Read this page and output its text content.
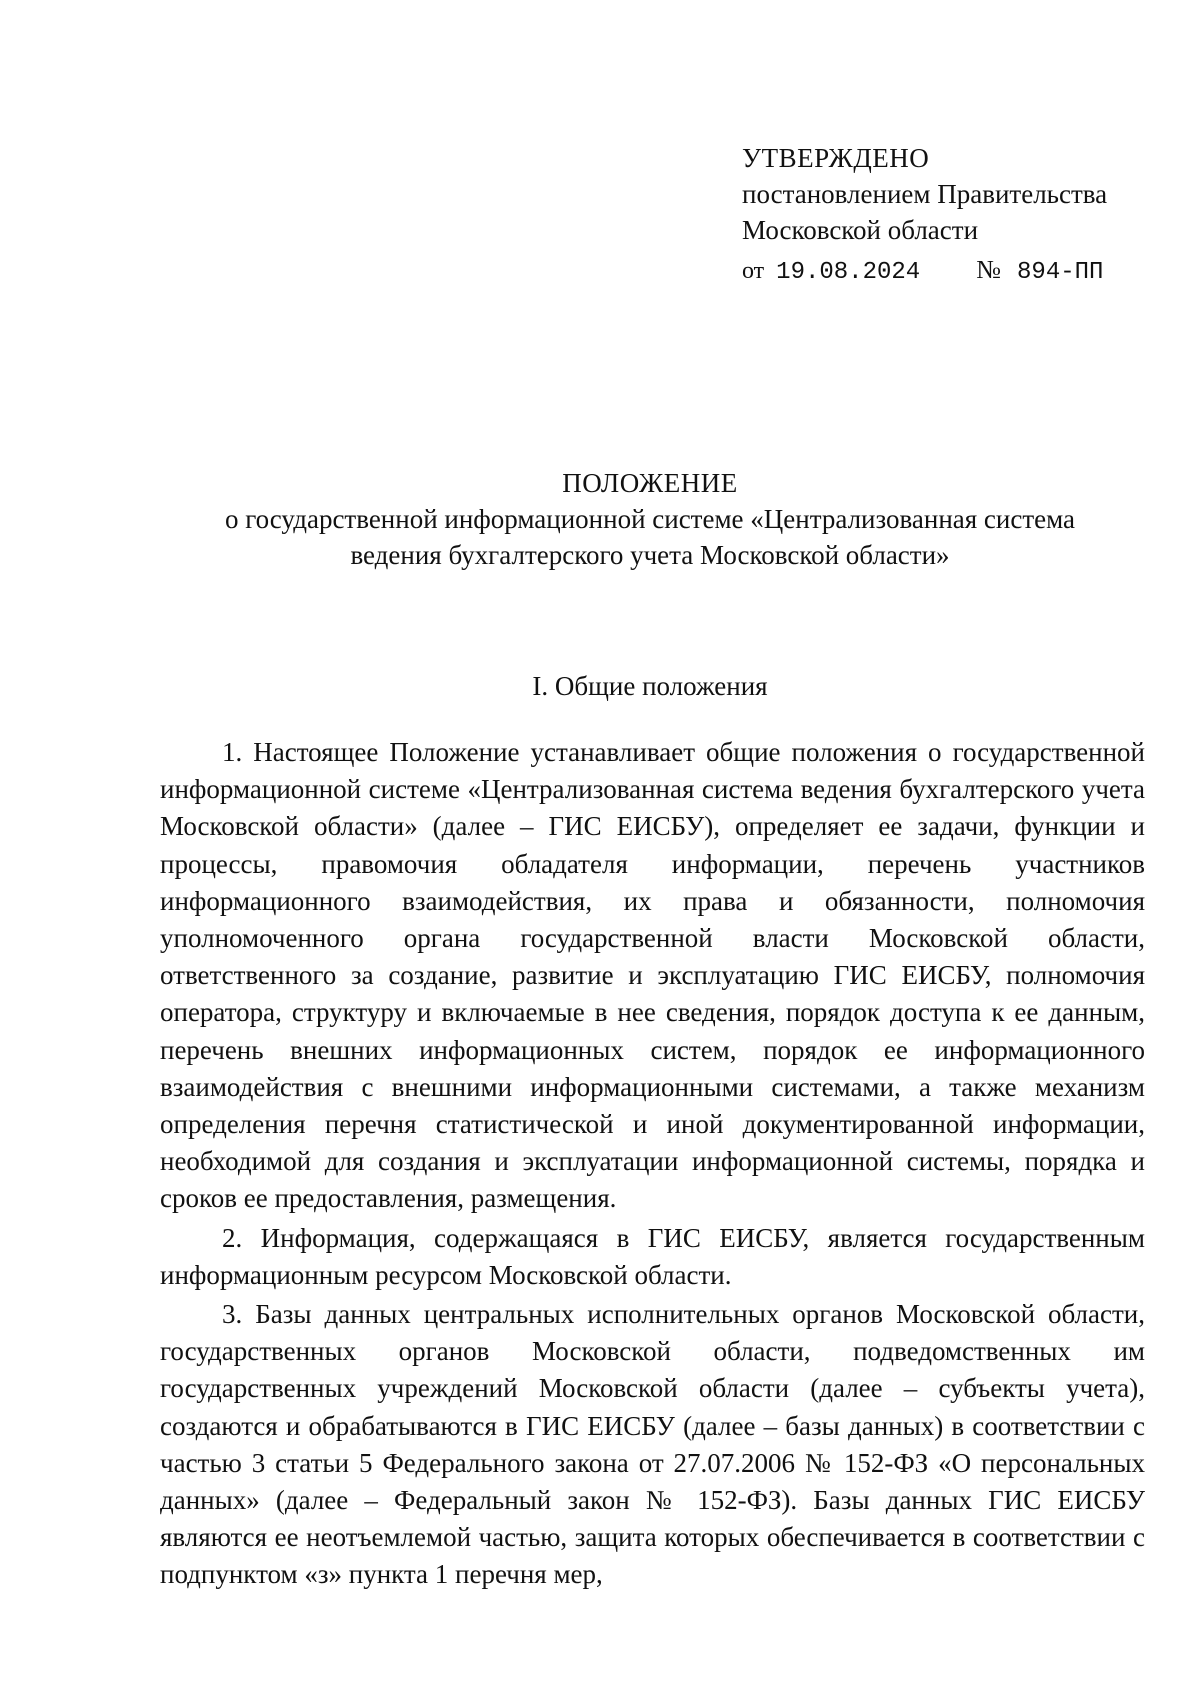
УТВЕРЖДЕНО
постановлением Правительства
Московской области
от 19.08.2024 № 894-ПП
ПОЛОЖЕНИЕ
о государственной информационной системе «Централизованная система
ведения бухгалтерского учета Московской области»
I. Общие положения

1. Настоящее Положение устанавливает общие положения о государственной информационной системе «Централизованная система ведения бухгалтерского учета Московской области» (далее – ГИС ЕИСБУ), определяет ее задачи, функции и процессы, правомочия обладателя информации, перечень участников информационного взаимодействия, их права и обязанности, полномочия уполномоченного органа государственной власти Московской области, ответственного за создание, развитие и эксплуатацию ГИС ЕИСБУ, полномочия оператора, структуру и включаемые в нее сведения, порядок доступа к ее данным, перечень внешних информационных систем, порядок ее информационного взаимодействия с внешними информационными системами, а также механизм определения перечня статистической и иной документированной информации, необходимой для создания и эксплуатации информационной системы, порядка и сроков ее предоставления, размещения.

2. Информация, содержащаяся в ГИС ЕИСБУ, является государственным информационным ресурсом Московской области.

3. Базы данных центральных исполнительных органов Московской области, государственных органов Московской области, подведомственных им государственных учреждений Московской области (далее – субъекты учета), создаются и обрабатываются в ГИС ЕИСБУ (далее – базы данных) в соответствии с частью 3 статьи 5 Федерального закона от 27.07.2006 № 152-ФЗ «О персональных данных» (далее – Федеральный закон № 152-ФЗ). Базы данных ГИС ЕИСБУ являются ее неотъемлемой частью, защита которых обеспечивается в соответствии с подпунктом «з» пункта 1 перечня мер,
